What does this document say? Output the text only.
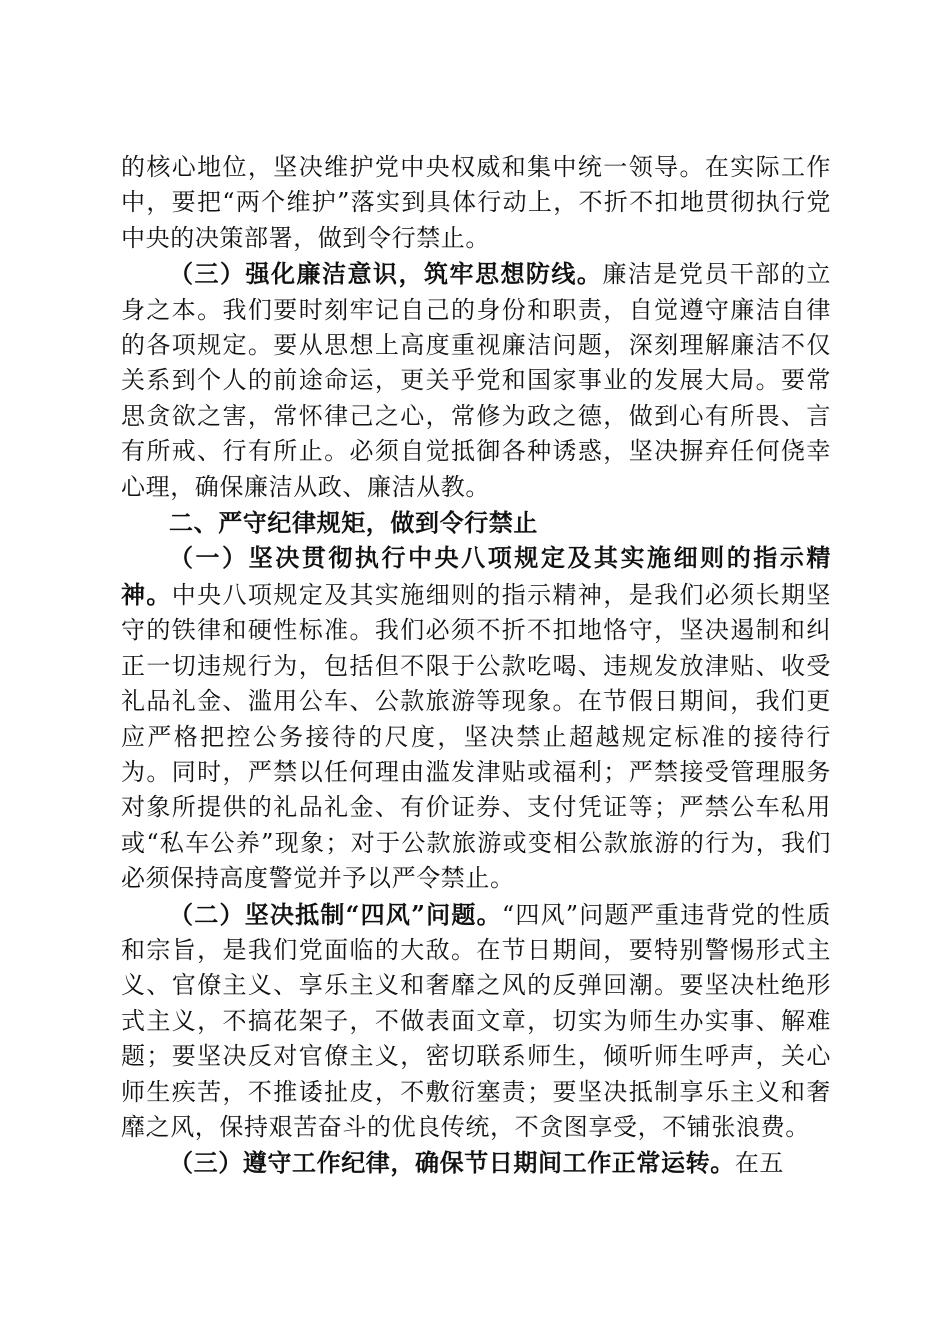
的核心地位，坚决维护党中央权威和集中统一领导。在实际工作中，要把“两个维护”落实到具体行动上，不折不扣地贯彻执行党中央的决策部署，做到令行禁止。

（三）强化廉洁意识，筑牢思想防线。廉洁是党员干部的立身之本。我们要时刻牢记自己的身份和职责，自觉遵守廉洁自律的各项规定。要从思想上高度重视廉洁问题，深刻理解廉洁不仅关系到个人的前途命运，更关乎党和国家事业的发展大局。要常思贪欲之害，常怀律己之心，常修为政之德，做到心有所畏、言有所戒、行有所止。必须自觉抵御各种诱惑，坚决摒弃任何侥幸心理，确保廉洁从政、廉洁从教。

二、严守纪律规矩，做到令行禁止

（一）坚决贯彻执行中央八项规定及其实施细则的指示精神。中央八项规定及其实施细则的指示精神，是我们必须长期坚守的铁律和硬性标准。我们必须不折不扣地恪守，坚决遏制和纠正一切违规行为，包括但不限于公款吃喝、违规发放津贴、收受礼品礼金、滥用公车、公款旅游等现象。在节假日期间，我们更应严格把控公务接待的尺度，坚决禁止超越规定标准的接待行为。同时，严禁以任何理由滥发津贴或福利；严禁接受管理服务对象所提供的礼品礼金、有价证券、支付凭证等；严禁公车私用或“私车公养”现象；对于公款旅游或变相公款旅游的行为，我们必须保持高度警觉并予以严令禁止。

（二）坚决抵制“四风”问题。“四风”问题严重违背党的性质和宗旨，是我们党面临的大敌。在节日期间，要特别警惕形式主义、官僚主义、享乐主义和奢靡之风的反弹回潮。要坚决杜绝形式主义，不搞花架子，不做表面文章，切实为师生办实事、解难题；要坚决反对官僚主义，密切联系师生，倾听师生呼声，关心师生疾苦，不推诿扯皮，不敷衍塞责；要坚决抵制享乐主义和奢靡之风，保持艰苦奋斗的优良传统，不贪图享受，不铺张浪费。

（三）遵守工作纪律，确保节日期间工作正常运转。在五
